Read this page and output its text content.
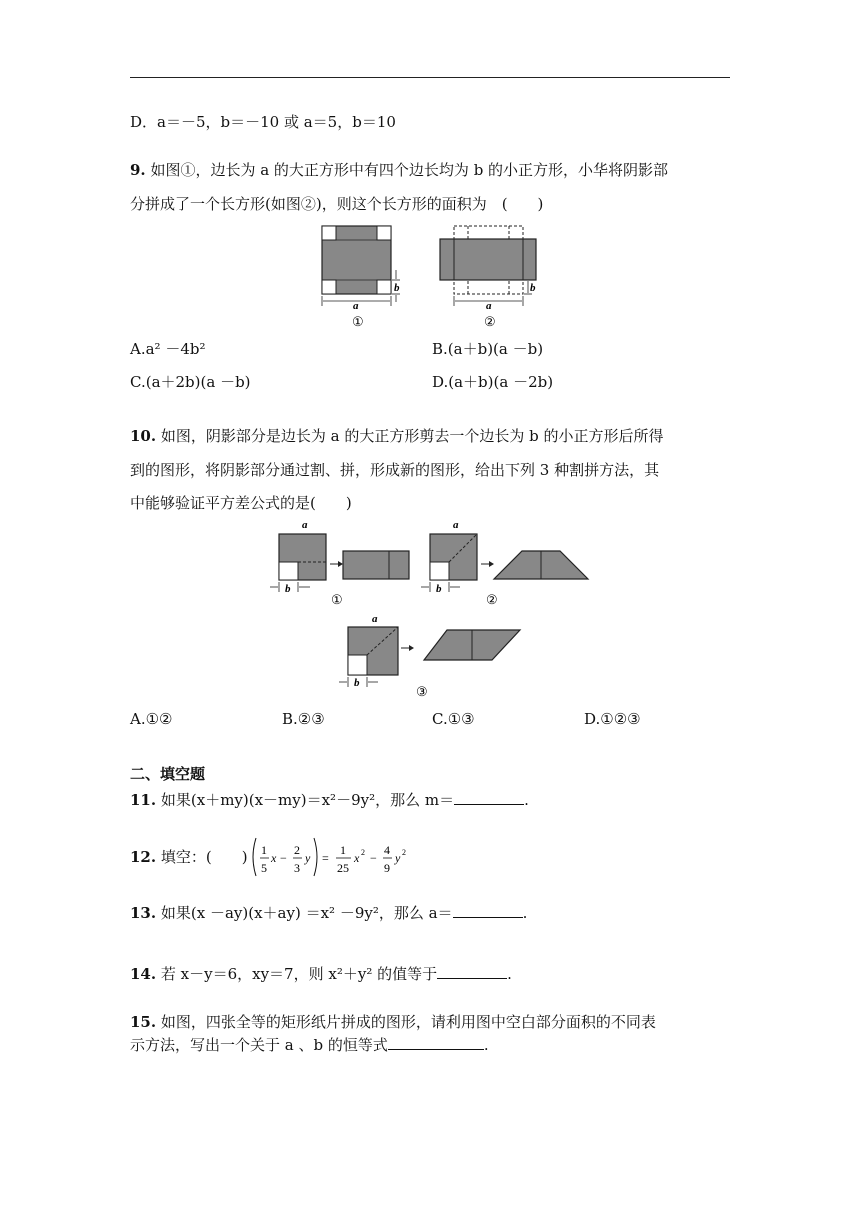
D．a＝－5，b＝－10 或 a＝5，b＝10
9. 如图①，边长为 a 的大正方形中有四个边长均为 b 的小正方形，小华将阴影部
分拼成了一个长方形(如图②)，则这个长方形的面积为　(　　)
b
a
①
b
a
②
A.a² －4b²	B.(a＋b)(a －b)
C.(a＋2b)(a －b)	D.(a＋b)(a －2b)
10. 如图，阴影部分是边长为 a 的大正方形剪去一个边长为 b 的小正方形后所得
到的图形，将阴影部分通过割、拼，形成新的图形，给出下列 3 种割拼方法，其
中能够验证平方差公式的是(　　)
a
b
①
a
b
②
a
b
③
A.①②	B.②③	C.①③	D.①②③
二、填空题
11. 如果(x＋my)(x－my)＝x²－9y²，那么 m＝	.
12. 填空：(　　) 1
5
x −
2
3
y =
1
25
x 2 −
4
9
y 2
13. 如果(x －ay)(x＋ay) ＝x² －9y²，那么 a＝	.
14. 若 x－y＝6，xy＝7，则 x²＋y² 的值等于	.
15. 如图，四张全等的矩形纸片拼成的图形，请利用图中空白部分面积的不同表
示方法，写出一个关于 a 、b 的恒等式	.
